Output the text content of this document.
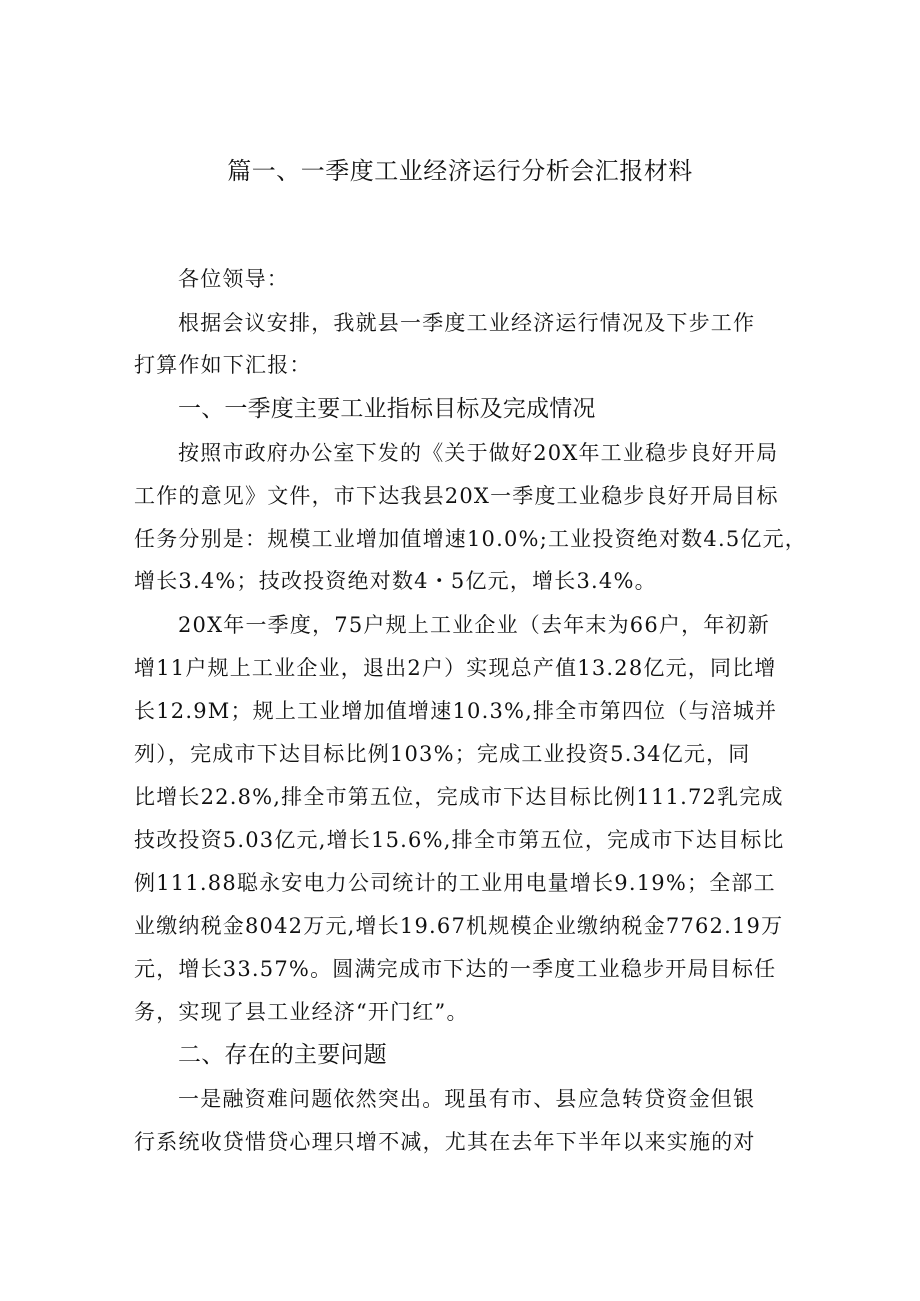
篇一、一季度工业经济运行分析会汇报材料
各位领导：
根据会议安排，我就县一季度工业经济运行情况及下步工作
打算作如下汇报：
一、一季度主要工业指标目标及完成情况
按照市政府办公室下发的《关于做好20X年工业稳步良好开局
工作的意见》文件，市下达我县20X一季度工业稳步良好开局目标
任务分别是：规模工业增加值增速10.0%;工业投资绝对数4.5亿元，
增长3.4%；技改投资绝对数4・5亿元，增长3.4%。
20X年一季度，75户规上工业企业（去年末为66户，年初新
增11户规上工业企业，退出2户）实现总产值13.28亿元，同比增
长12.9M；规上工业增加值增速10.3%,排全市第四位（与涪城并
列），完成市下达目标比例103%；完成工业投资5.34亿元，同
比增长22.8%,排全市第五位，完成市下达目标比例111.72乳完成
技改投资5.03亿元,增长15.6%,排全市第五位，完成市下达目标比
例111.88聪永安电力公司统计的工业用电量增长9.19%；全部工
业缴纳税金8042万元,增长19.67机规模企业缴纳税金7762.19万
元，增长33.57%。圆满完成市下达的一季度工业稳步开局目标任
务，实现了县工业经济“开门红”。
二、存在的主要问题
一是融资难问题依然突出。现虽有市、县应急转贷资金但银
行系统收贷惜贷心理只增不减，尤其在去年下半年以来实施的对
